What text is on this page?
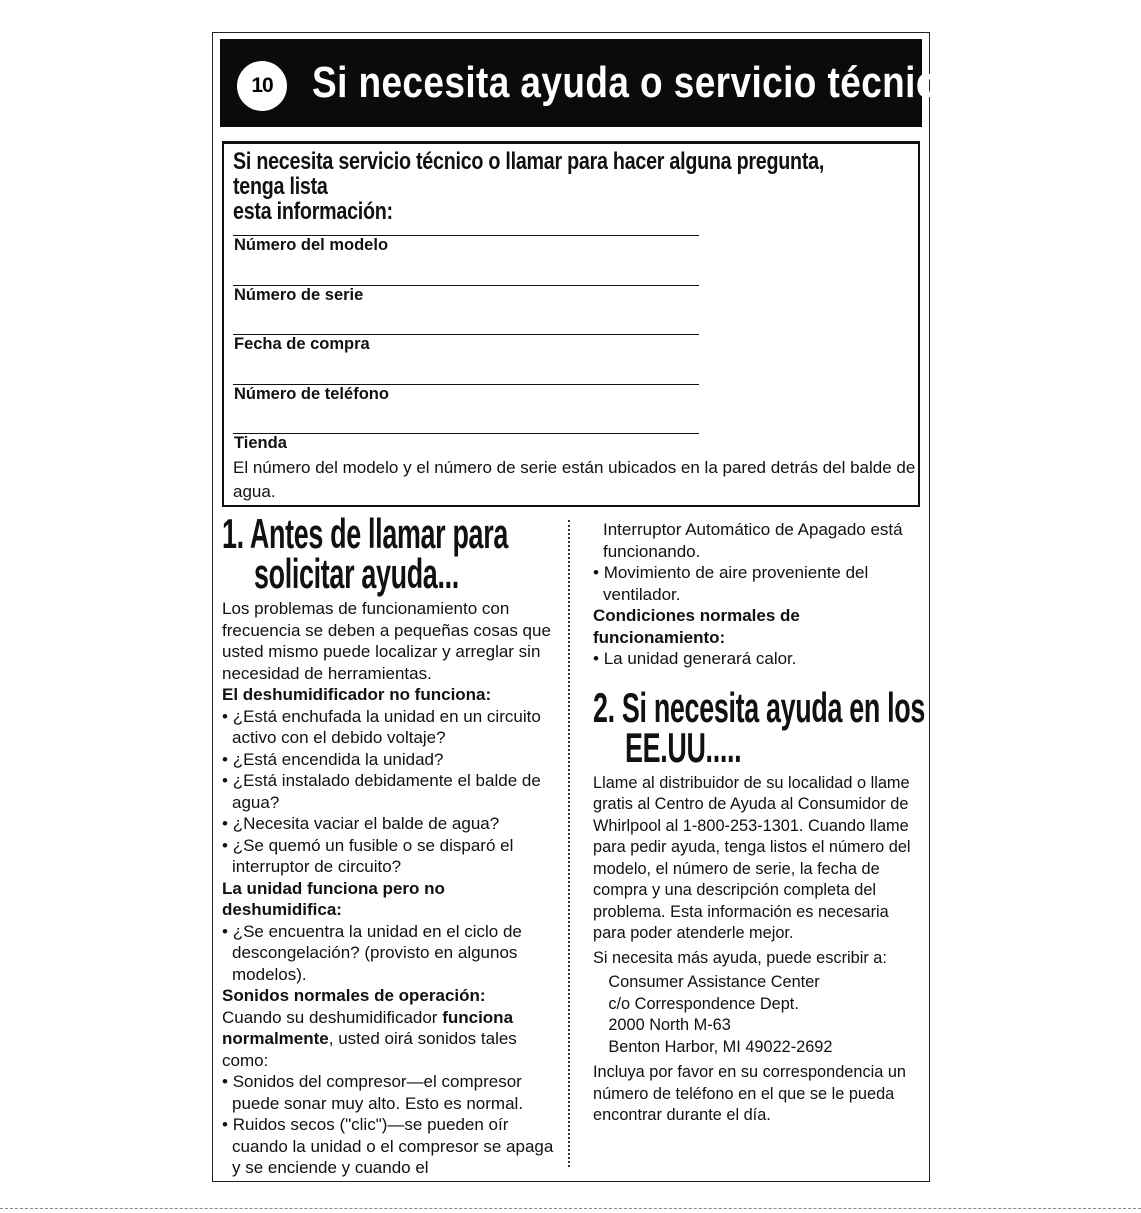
10 Si necesita ayuda o servicio técnico...
Si necesita servicio técnico o llamar para hacer alguna pregunta, tenga lista
esta información:
Número del modelo
Número de serie
Fecha de compra
Número de teléfono
Tienda
El número del modelo y el número de serie están ubicados en la pared detrás del balde de agua.
1. Antes de llamar para
solicitar ayuda...

Los problemas de funcionamiento con frecuencia se deben a pequeñas cosas que usted mismo puede localizar y arreglar sin necesidad de herramientas.

El deshumidificador no funciona:

• ¿Está enchufada la unidad en un circuito activo con el debido voltaje?

• ¿Está encendida la unidad?

• ¿Está instalado debidamente el balde de agua?

• ¿Necesita vaciar el balde de agua?

• ¿Se quemó un fusible o se disparó el interruptor de circuito?

La unidad funciona pero no deshumidifica:

• ¿Se encuentra la unidad en el ciclo de descongelación? (provisto en algunos modelos).

Sonidos normales de operación:

Cuando su deshumidificador funciona normalmente, usted oirá sonidos tales como:

• Sonidos del compresor—el compresor puede sonar muy alto. Esto es normal.

• Ruidos secos ("clic")—se pueden oír cuando la unidad o el compresor se apaga y se enciende y cuando el

Interruptor Automático de Apagado está funcionando.

• Movimiento de aire proveniente del ventilador.

Condiciones normales de funcionamiento:

• La unidad generará calor.

2. Si necesita ayuda en los
EE.UU.....

Llame al distribuidor de su localidad o llame gratis al Centro de Ayuda al Consumidor de Whirlpool al 1-800-253-1301. Cuando llame para pedir ayuda, tenga listos el número del modelo, el número de serie, la fecha de compra y una descripción completa del problema. Esta información es necesaria para poder atenderle mejor.

Si necesita más ayuda, puede escribir a:

Consumer Assistance Center
c/o Correspondence Dept.
2000 North M-63
Benton Harbor, MI 49022-2692

Incluya por favor en su correspondencia un número de teléfono en el que se le pueda encontrar durante el día.
